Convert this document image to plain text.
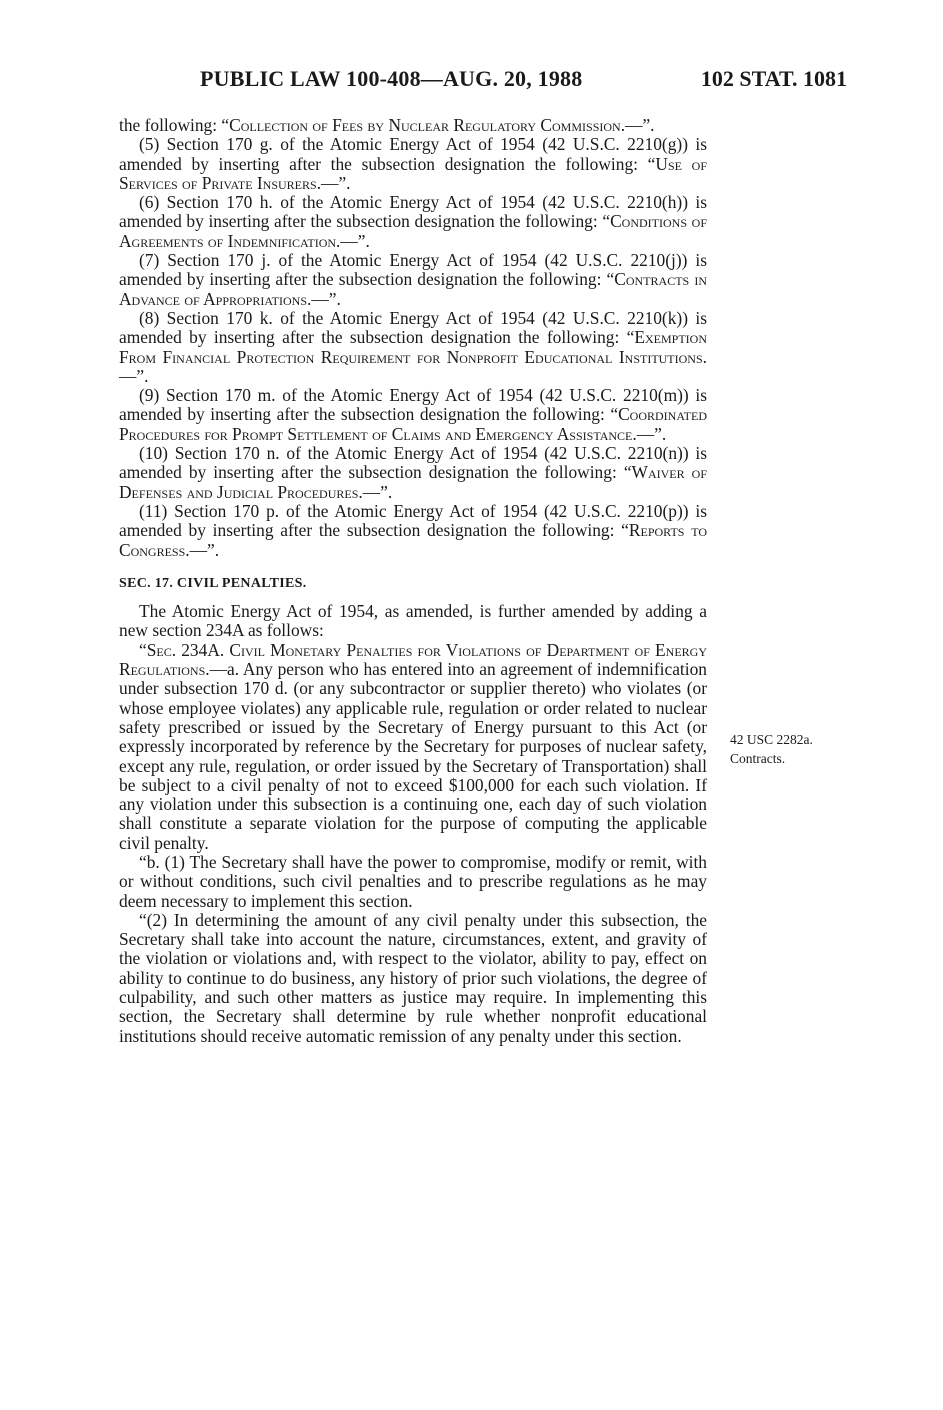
PUBLIC LAW 100-408—AUG. 20, 1988	102 STAT. 1081

the following: “Collection of Fees by Nuclear Regulatory Commission.—”.

(5) Section 170 g. of the Atomic Energy Act of 1954 (42 U.S.C. 2210(g)) is amended by inserting after the subsection designation the following: “Use of Services of Private Insurers.—”.

(6) Section 170 h. of the Atomic Energy Act of 1954 (42 U.S.C. 2210(h)) is amended by inserting after the subsection designation the following: “Conditions of Agreements of Indemnification.—”.

(7) Section 170 j. of the Atomic Energy Act of 1954 (42 U.S.C. 2210(j)) is amended by inserting after the subsection designation the following: “Contracts in Advance of Appropriations.—”.

(8) Section 170 k. of the Atomic Energy Act of 1954 (42 U.S.C. 2210(k)) is amended by inserting after the subsection designation the following: “Exemption From Financial Protection Requirement for Nonprofit Educational Institutions.—”.

(9) Section 170 m. of the Atomic Energy Act of 1954 (42 U.S.C. 2210(m)) is amended by inserting after the subsection designation the following: “Coordinated Procedures for Prompt Settlement of Claims and Emergency Assistance.—”.

(10) Section 170 n. of the Atomic Energy Act of 1954 (42 U.S.C. 2210(n)) is amended by inserting after the subsection designation the following: “Waiver of Defenses and Judicial Procedures.—”.

(11) Section 170 p. of the Atomic Energy Act of 1954 (42 U.S.C. 2210(p)) is amended by inserting after the subsection designation the following: “Reports to Congress.—”.

SEC. 17. CIVIL PENALTIES.

The Atomic Energy Act of 1954, as amended, is further amended by adding a new section 234A as follows:

“Sec. 234A. Civil Monetary Penalties for Violations of Department of Energy Regulations.—a. Any person who has entered into an agreement of indemnification under subsection 170 d. (or any subcontractor or supplier thereto) who violates (or whose employee violates) any applicable rule, regulation or order related to nuclear safety prescribed or issued by the Secretary of Energy pursuant to this Act (or expressly incorporated by reference by the Secretary for purposes of nuclear safety, except any rule, regulation, or order issued by the Secretary of Transportation) shall be subject to a civil penalty of not to exceed $100,000 for each such violation. If any violation under this subsection is a continuing one, each day of such violation shall constitute a separate violation for the purpose of computing the applicable civil penalty.

“b. (1) The Secretary shall have the power to compromise, modify or remit, with or without conditions, such civil penalties and to prescribe regulations as he may deem necessary to implement this section.

“(2) In determining the amount of any civil penalty under this subsection, the Secretary shall take into account the nature, circumstances, extent, and gravity of the violation or violations and, with respect to the violator, ability to pay, effect on ability to continue to do business, any history of prior such violations, the degree of culpability, and such other matters as justice may require. In implementing this section, the Secretary shall determine by rule whether nonprofit educational institutions should receive automatic remission of any penalty under this section.

42 USC 2282a.
Contracts.
